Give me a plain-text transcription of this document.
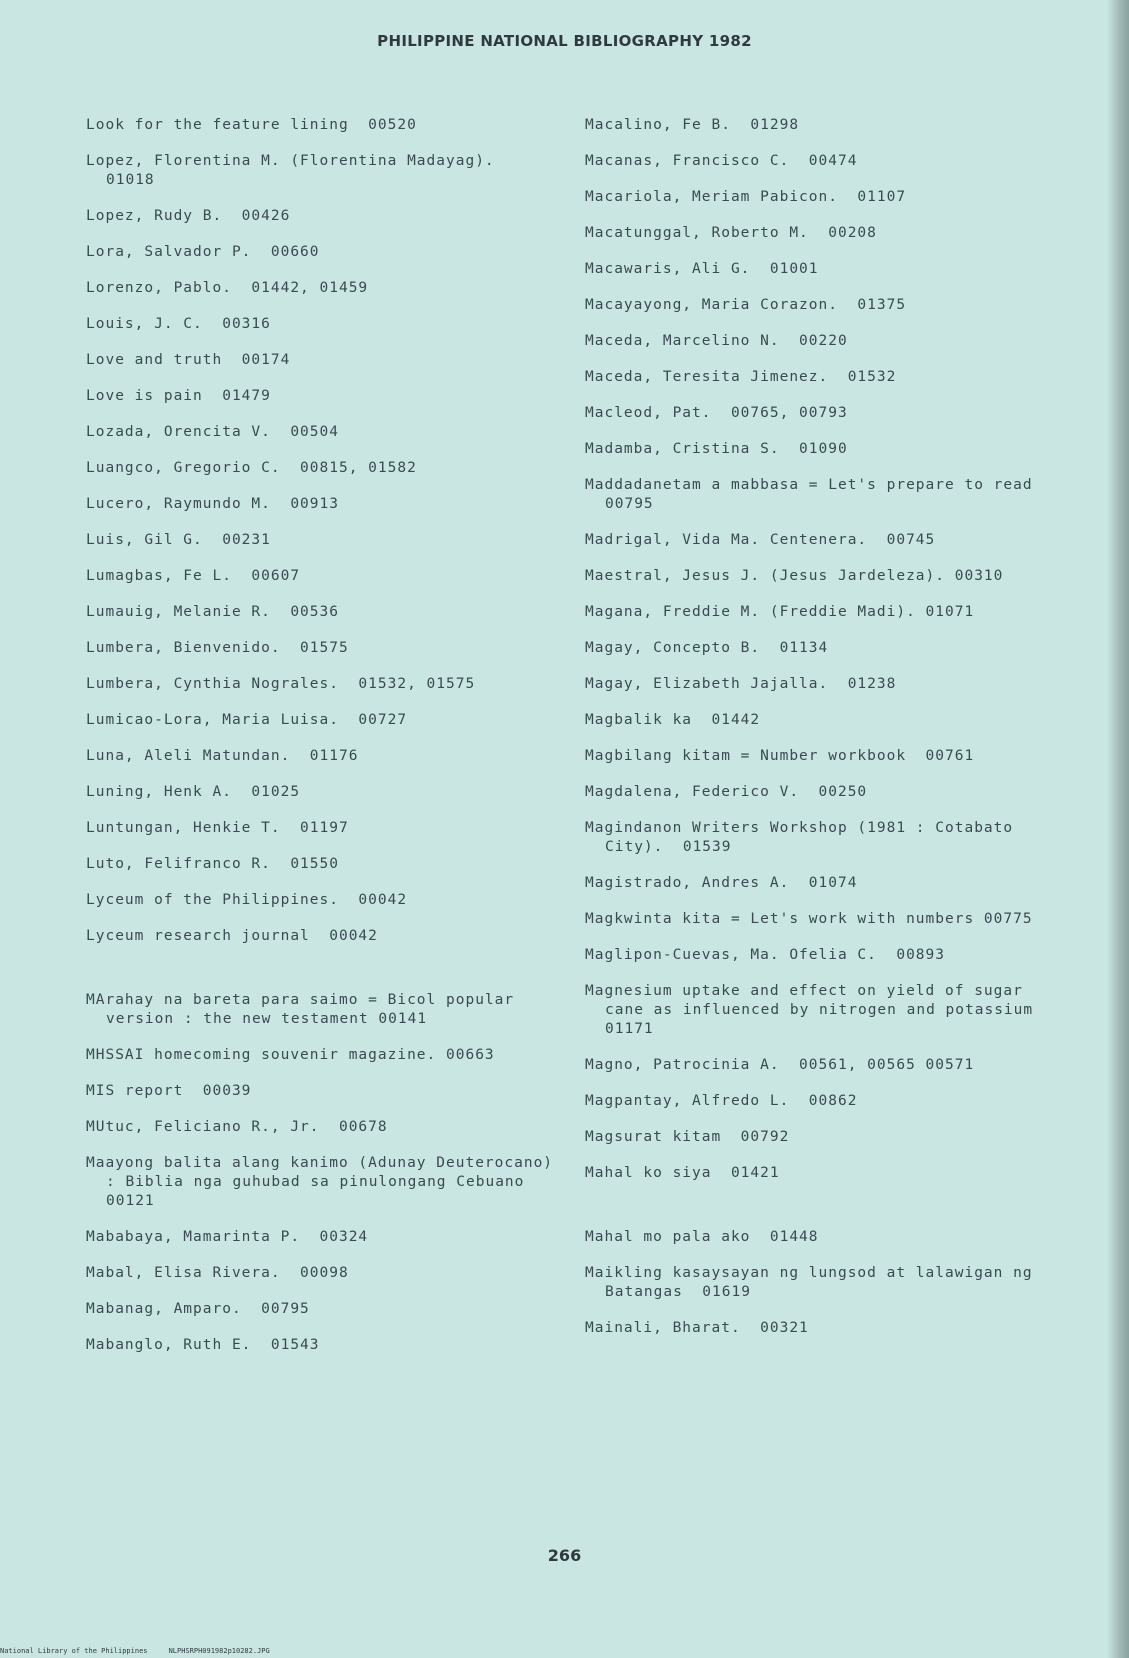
PHILIPPINE NATIONAL BIBLIOGRAPHY 1982
Look for the feature lining  00520
Lopez, Florentina M. (Florentina Madayag).  01018
Lopez, Rudy B.  00426
Lora, Salvador P.  00660
Lorenzo, Pablo.  01442, 01459
Louis, J. C.  00316
Love and truth  00174
Love is pain  01479
Lozada, Orencita V.  00504
Luangco, Gregorio C.  00815, 01582
Lucero, Raymundo M.  00913
Luis, Gil G.  00231
Lumagbas, Fe L.  00607
Lumauig, Melanie R.  00536
Lumbera, Bienvenido.  01575
Lumbera, Cynthia Nograles.  01532, 01575
Lumicao-Lora, Maria Luisa.  00727
Luna, Aleli Matundan.  01176
Luning, Henk A.  01025
Luntungan, Henkie T.  01197
Luto, Felifranco R.  01550
Lyceum of the Philippines.  00042
Lyceum research journal  00042
MArahay na bareta para saimo = Bicol popular version : the new testament 00141
MHSSAI homecoming souvenir magazine. 00663
MIS report  00039
MUtuc, Feliciano R., Jr.  00678
Maayong balita alang kanimo (Adunay Deuterocano) : Biblia nga guhubad sa pinulongang Cebuano  00121
Mababaya, Mamarinta P.  00324
Mabal, Elisa Rivera.  00098
Mabanag, Amparo.  00795
Mabanglo, Ruth E.  01543
Macalino, Fe B.  01298
Macanas, Francisco C.  00474
Macariola, Meriam Pabicon.  01107
Macatunggal, Roberto M.  00208
Macawaris, Ali G.  01001
Macayayong, Maria Corazon.  01375
Maceda, Marcelino N.  00220
Maceda, Teresita Jimenez.  01532
Macleod, Pat.  00765, 00793
Madamba, Cristina S.  01090
Maddadanetam a mabbasa = Let's prepare to read  00795
Madrigal, Vida Ma. Centenera.  00745
Maestral, Jesus J. (Jesus Jardeleza). 00310
Magana, Freddie M. (Freddie Madi). 01071
Magay, Concepto B.  01134
Magay, Elizabeth Jajalla.  01238
Magbalik ka  01442
Magbilang kitam = Number workbook  00761
Magdalena, Federico V.  00250
Magindanon Writers Workshop (1981 : Cotabato City).  01539
Magistrado, Andres A.  01074
Magkwinta kita = Let's work with numbers 00775
Maglipon-Cuevas, Ma. Ofelia C.  00893
Magnesium uptake and effect on yield of sugar cane as influenced by nitrogen and potassium  01171
Magno, Patrocinia A.  00561, 00565 00571
Magpantay, Alfredo L.  00862
Magsurat kitam  00792
Mahal ko siya  01421
Mahal mo pala ako  01448
Maikling kasaysayan ng lungsod at lalawigan ng Batangas  01619
Mainali, Bharat.  00321
266
National Library of the Philippines     NLPHSRPH091982p10282.JPG
